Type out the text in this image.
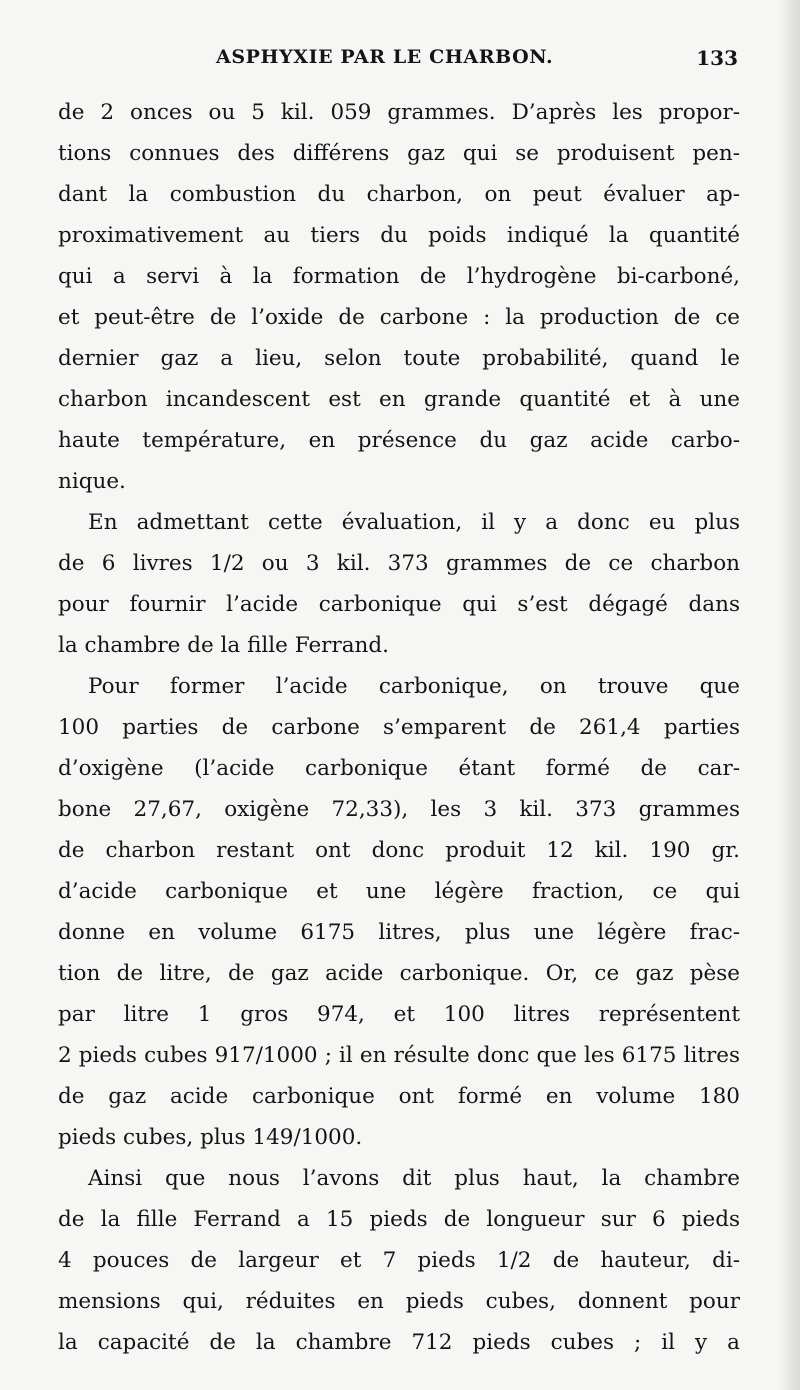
ASPHYXIE PAR LE CHARBON.	133
de 2 onces ou 5 kil. 059 grammes. D’après les propor-
tions connues des différens gaz qui se produisent pen-
dant la combustion du charbon, on peut évaluer ap-
proximativement au tiers du poids indiqué la quantité
qui a servi à la formation de l’hydrogène bi-carboné,
et peut-être de l’oxide de carbone : la production de ce
dernier gaz a lieu, selon toute probabilité, quand le
charbon incandescent est en grande quantité et à une
haute température, en présence du gaz acide carbo-
nique.
En admettant cette évaluation, il y a donc eu plus
de 6 livres 1/2 ou 3 kil. 373 grammes de ce charbon
pour fournir l’acide carbonique qui s’est dégagé dans
la chambre de la fille Ferrand.
Pour former l’acide carbonique, on trouve que
100 parties de carbone s’emparent de 261,4 parties
d’oxigène (l’acide carbonique étant formé de car-
bone 27,67, oxigène 72,33), les 3 kil. 373 grammes
de charbon restant ont donc produit 12 kil. 190 gr.
d’acide carbonique et une légère fraction, ce qui
donne en volume 6175 litres, plus une légère frac-
tion de litre, de gaz acide carbonique. Or, ce gaz pèse
par litre 1 gros 974, et 100 litres représentent
2 pieds cubes 917/1000 ; il en résulte donc que les 6175 litres
de gaz acide carbonique ont formé en volume 180
pieds cubes, plus 149/1000.
Ainsi que nous l’avons dit plus haut, la chambre
de la fille Ferrand a 15 pieds de longueur sur 6 pieds
4 pouces de largeur et 7 pieds 1/2 de hauteur, di-
mensions qui, réduites en pieds cubes, donnent pour
la capacité de la chambre 712 pieds cubes ; il y a
